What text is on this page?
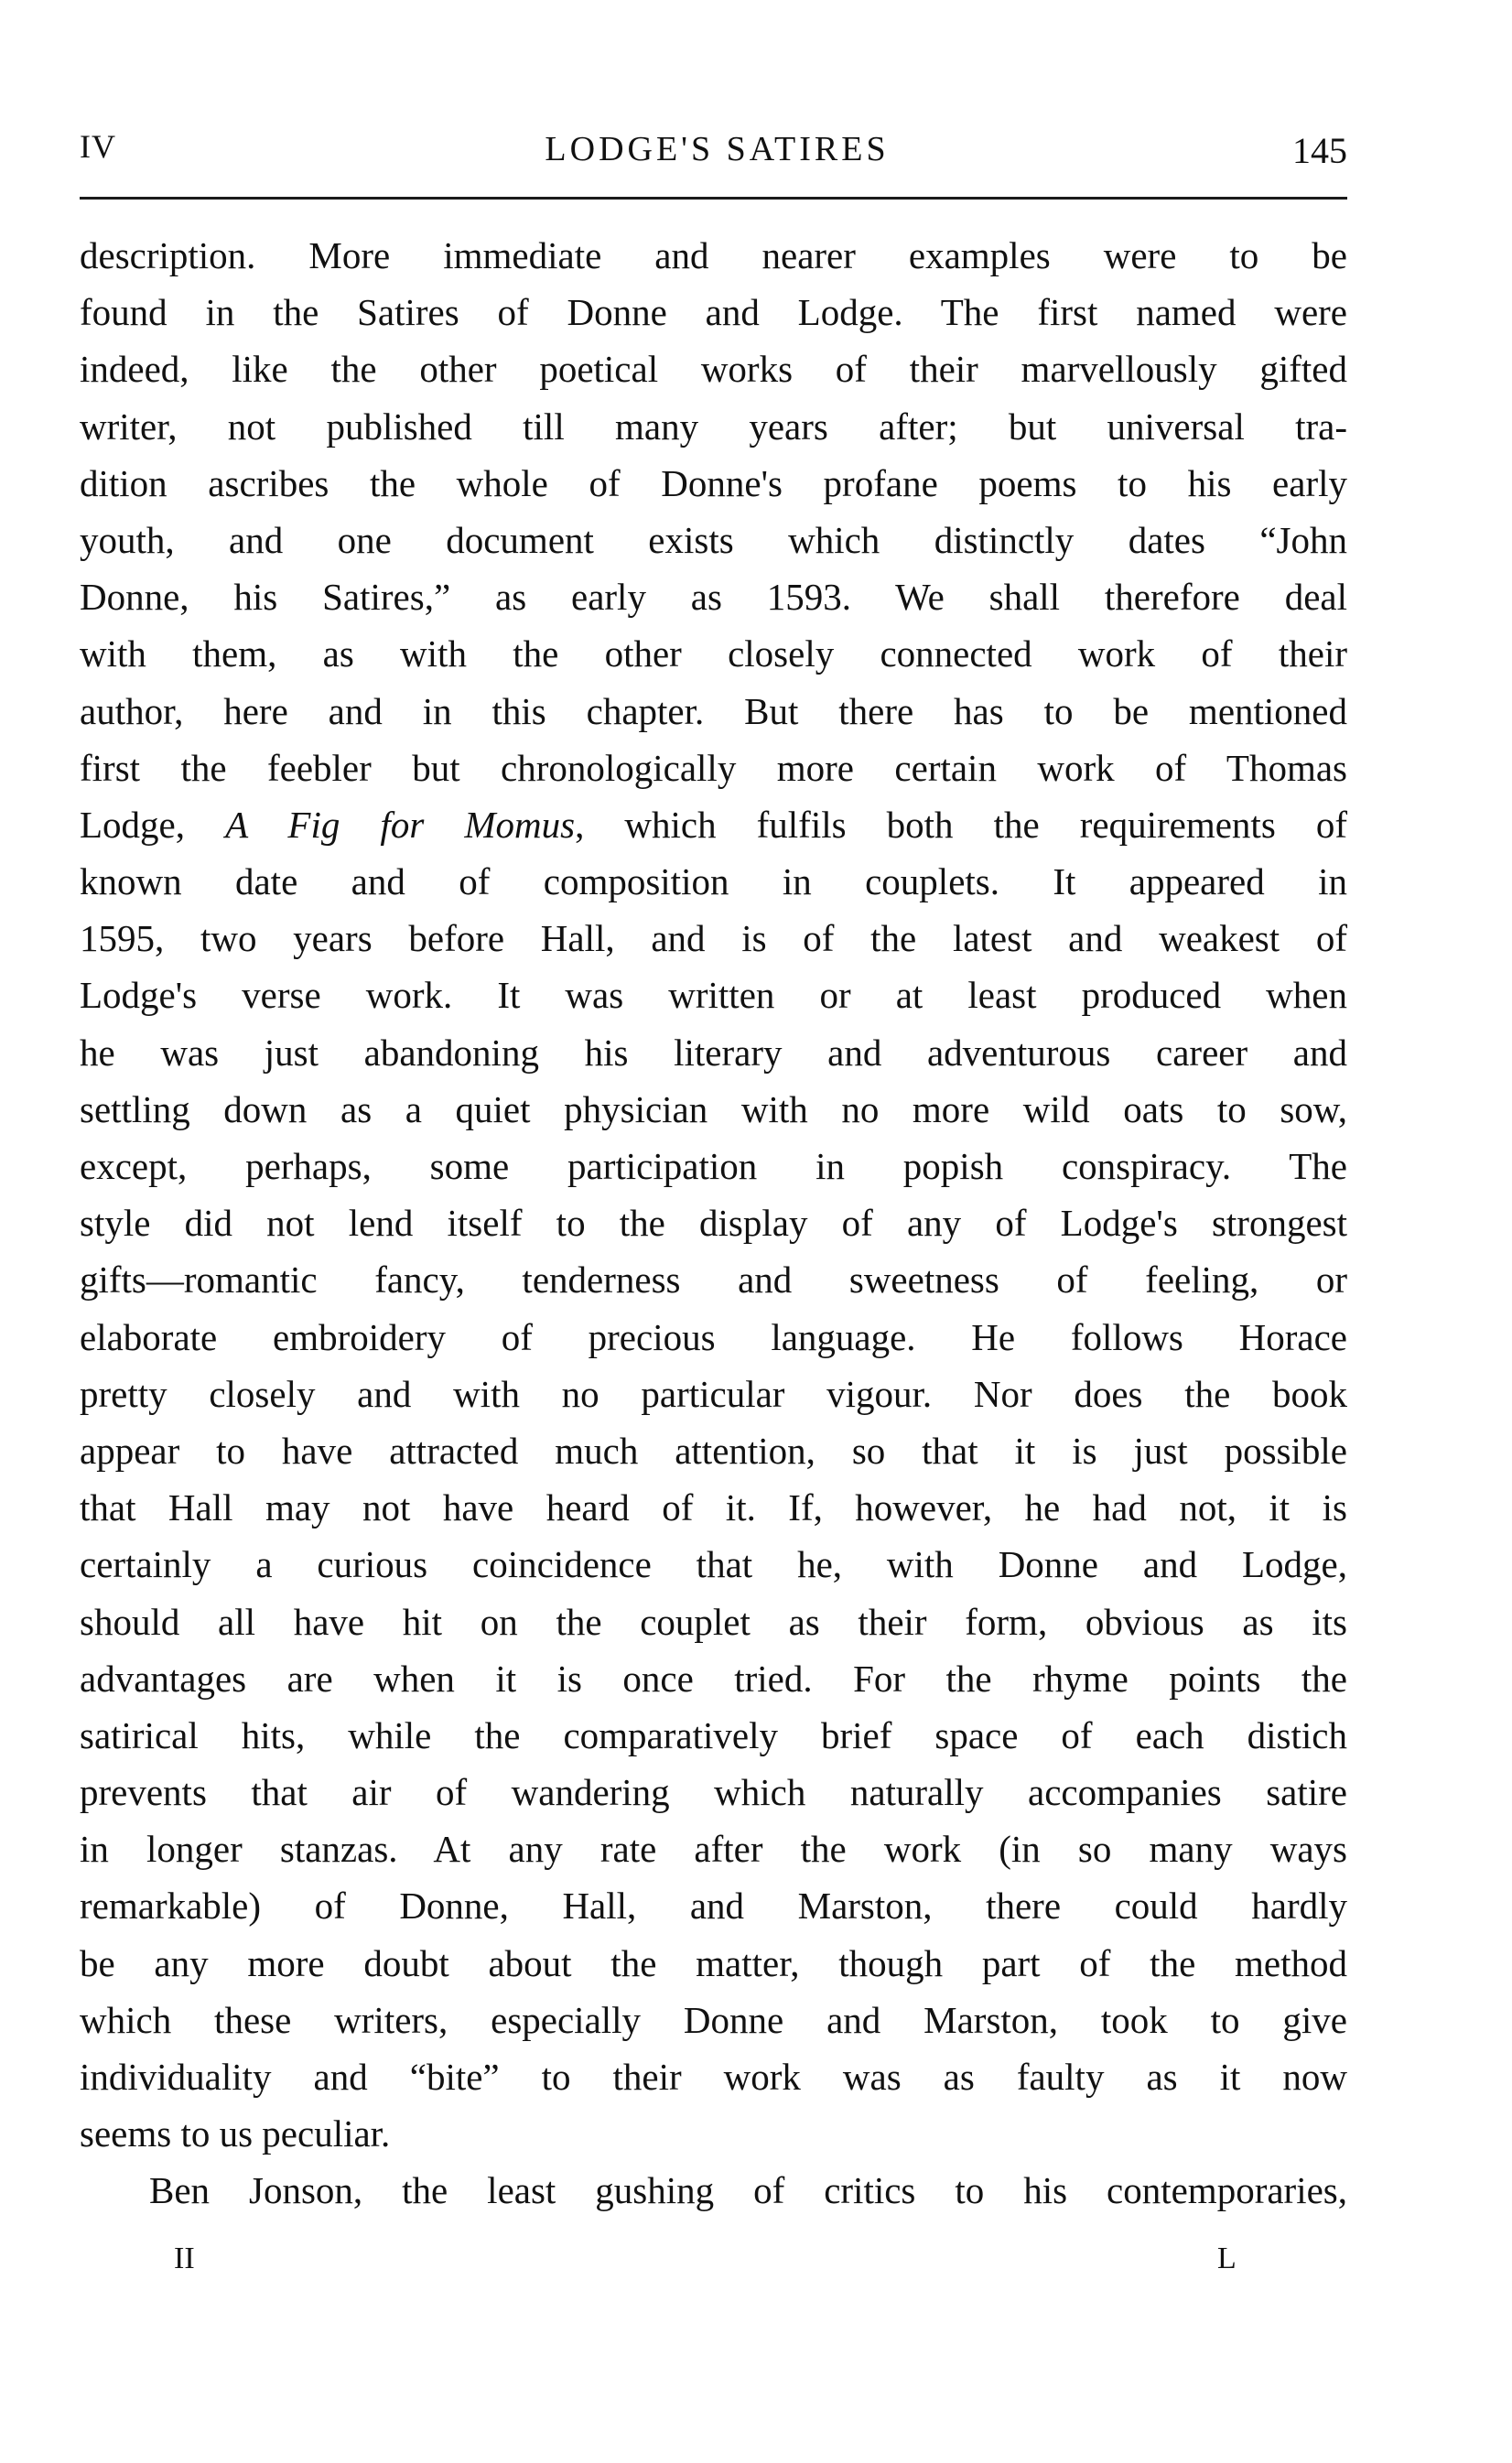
IV	LODGE'S SATIRES	145
description. More immediate and nearer examples were to be
found in the Satires of Donne and Lodge. The first named were
indeed, like the other poetical works of their marvellously gifted
writer, not published till many years after; but universal tra-
dition ascribes the whole of Donne's profane poems to his early
youth, and one document exists which distinctly dates “John
Donne, his Satires,” as early as 1593. We shall therefore deal
with them, as with the other closely connected work of their
author, here and in this chapter. But there has to be mentioned
first the feebler but chronologically more certain work of Thomas
Lodge, A Fig for Momus, which fulfils both the requirements of
known date and of composition in couplets. It appeared in
1595, two years before Hall, and is of the latest and weakest of
Lodge's verse work. It was written or at least produced when
he was just abandoning his literary and adventurous career and
settling down as a quiet physician with no more wild oats to sow,
except, perhaps, some participation in popish conspiracy. The
style did not lend itself to the display of any of Lodge's strongest
gifts—romantic fancy, tenderness and sweetness of feeling, or
elaborate embroidery of precious language. He follows Horace
pretty closely and with no particular vigour. Nor does the book
appear to have attracted much attention, so that it is just possible
that Hall may not have heard of it. If, however, he had not, it is
certainly a curious coincidence that he, with Donne and Lodge,
should all have hit on the couplet as their form, obvious as its
advantages are when it is once tried. For the rhyme points the
satirical hits, while the comparatively brief space of each distich
prevents that air of wandering which naturally accompanies satire
in longer stanzas. At any rate after the work (in so many ways
remarkable) of Donne, Hall, and Marston, there could hardly
be any more doubt about the matter, though part of the method
which these writers, especially Donne and Marston, took to give
individuality and “bite” to their work was as faulty as it now
seems to us peculiar.
Ben Jonson, the least gushing of critics to his contemporaries,
II	L
